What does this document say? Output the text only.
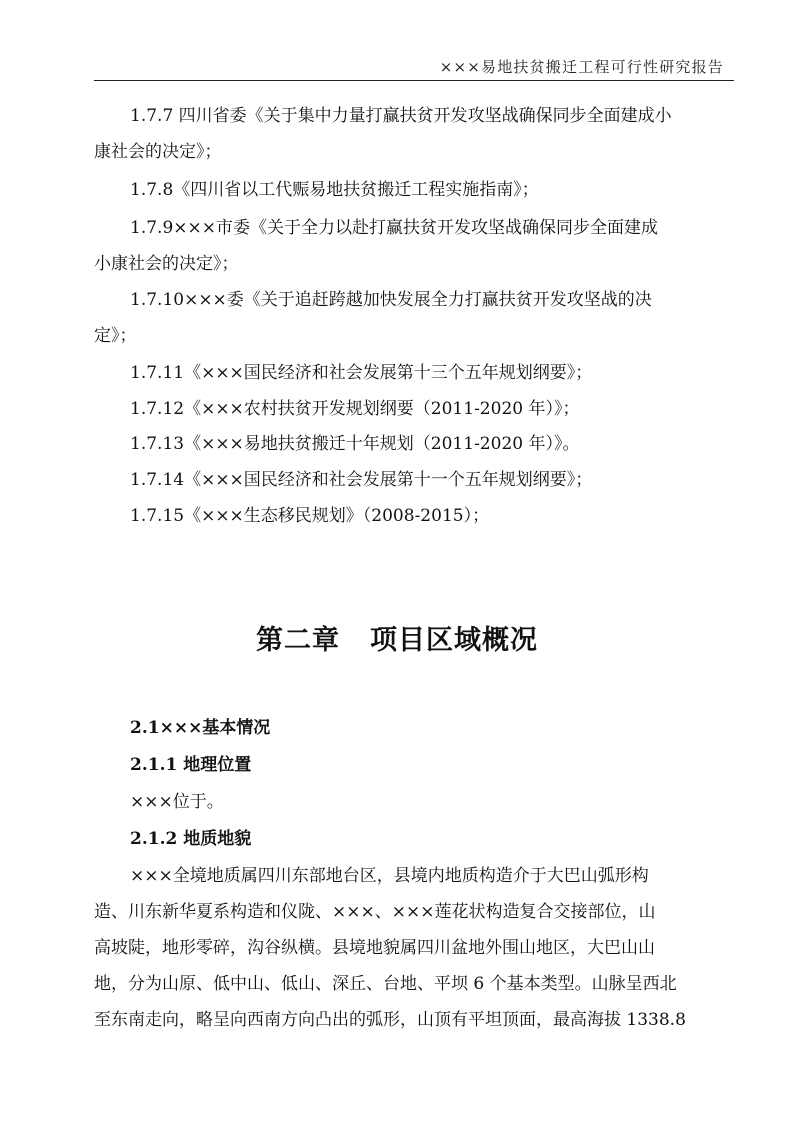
×××易地扶贫搬迁工程可行性研究报告
1.7.7 四川省委《关于集中力量打赢扶贫开发攻坚战确保同步全面建成小
康社会的决定》；
1.7.8《四川省以工代赈易地扶贫搬迁工程实施指南》；
1.7.9×××市委《关于全力以赴打赢扶贫开发攻坚战确保同步全面建成
小康社会的决定》；
1.7.10×××委《关于追赶跨越加快发展全力打赢扶贫开发攻坚战的决
定》；
1.7.11《×××国民经济和社会发展第十三个五年规划纲要》；
1.7.12《×××农村扶贫开发规划纲要（2011-2020 年）》；
1.7.13《×××易地扶贫搬迁十年规划（2011-2020 年）》。
1.7.14《×××国民经济和社会发展第十一个五年规划纲要》；
1.7.15《×××生态移民规划》（2008-2015）；
第二章 项目区域概况
2.1×××基本情况
2.1.1 地理位置
×××位于。
2.1.2 地质地貌
×××全境地质属四川东部地台区，县境内地质构造介于大巴山弧形构
造、川东新华夏系构造和仪陇、×××、×××莲花状构造复合交接部位，山
高坡陡，地形零碎，沟谷纵横。县境地貌属四川盆地外围山地区，大巴山山
地，分为山原、低中山、低山、深丘、台地、平坝 6 个基本类型。山脉呈西北
至东南走向，略呈向西南方向凸出的弧形，山顶有平坦顶面，最高海拔 1338.8
